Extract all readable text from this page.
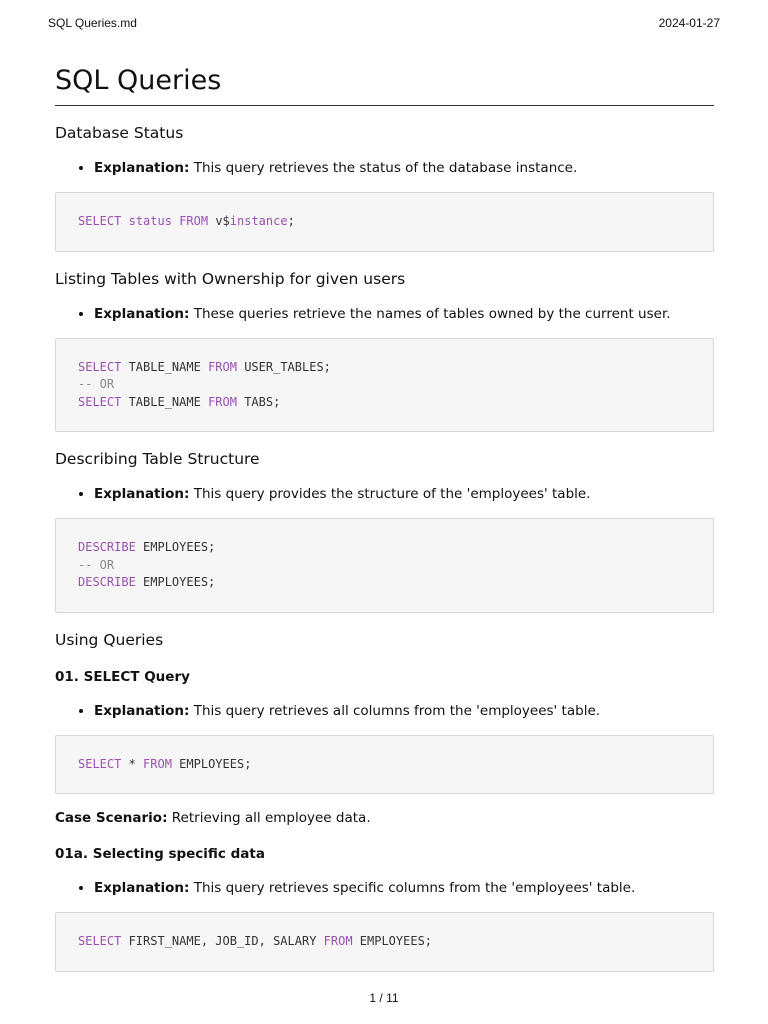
SQL Queries.md	2024-01-27
SQL Queries
Database Status
• Explanation: This query retrieves the status of the database instance.
SELECT status FROM v$instance;
Listing Tables with Ownership for given users
• Explanation: These queries retrieve the names of tables owned by the current user.
SELECT TABLE_NAME FROM USER_TABLES;
-- OR
SELECT TABLE_NAME FROM TABS;
Describing Table Structure
• Explanation: This query provides the structure of the 'employees' table.
DESCRIBE EMPLOYEES;
-- OR
DESCRIBE EMPLOYEES;
Using Queries
01. SELECT Query
• Explanation: This query retrieves all columns from the 'employees' table.
SELECT * FROM EMPLOYEES;

Case Scenario: Retrieving all employee data.

01a. Selecting specific data
• Explanation: This query retrieves specific columns from the 'employees' table.
SELECT FIRST_NAME, JOB_ID, SALARY FROM EMPLOYEES;
1 / 11
